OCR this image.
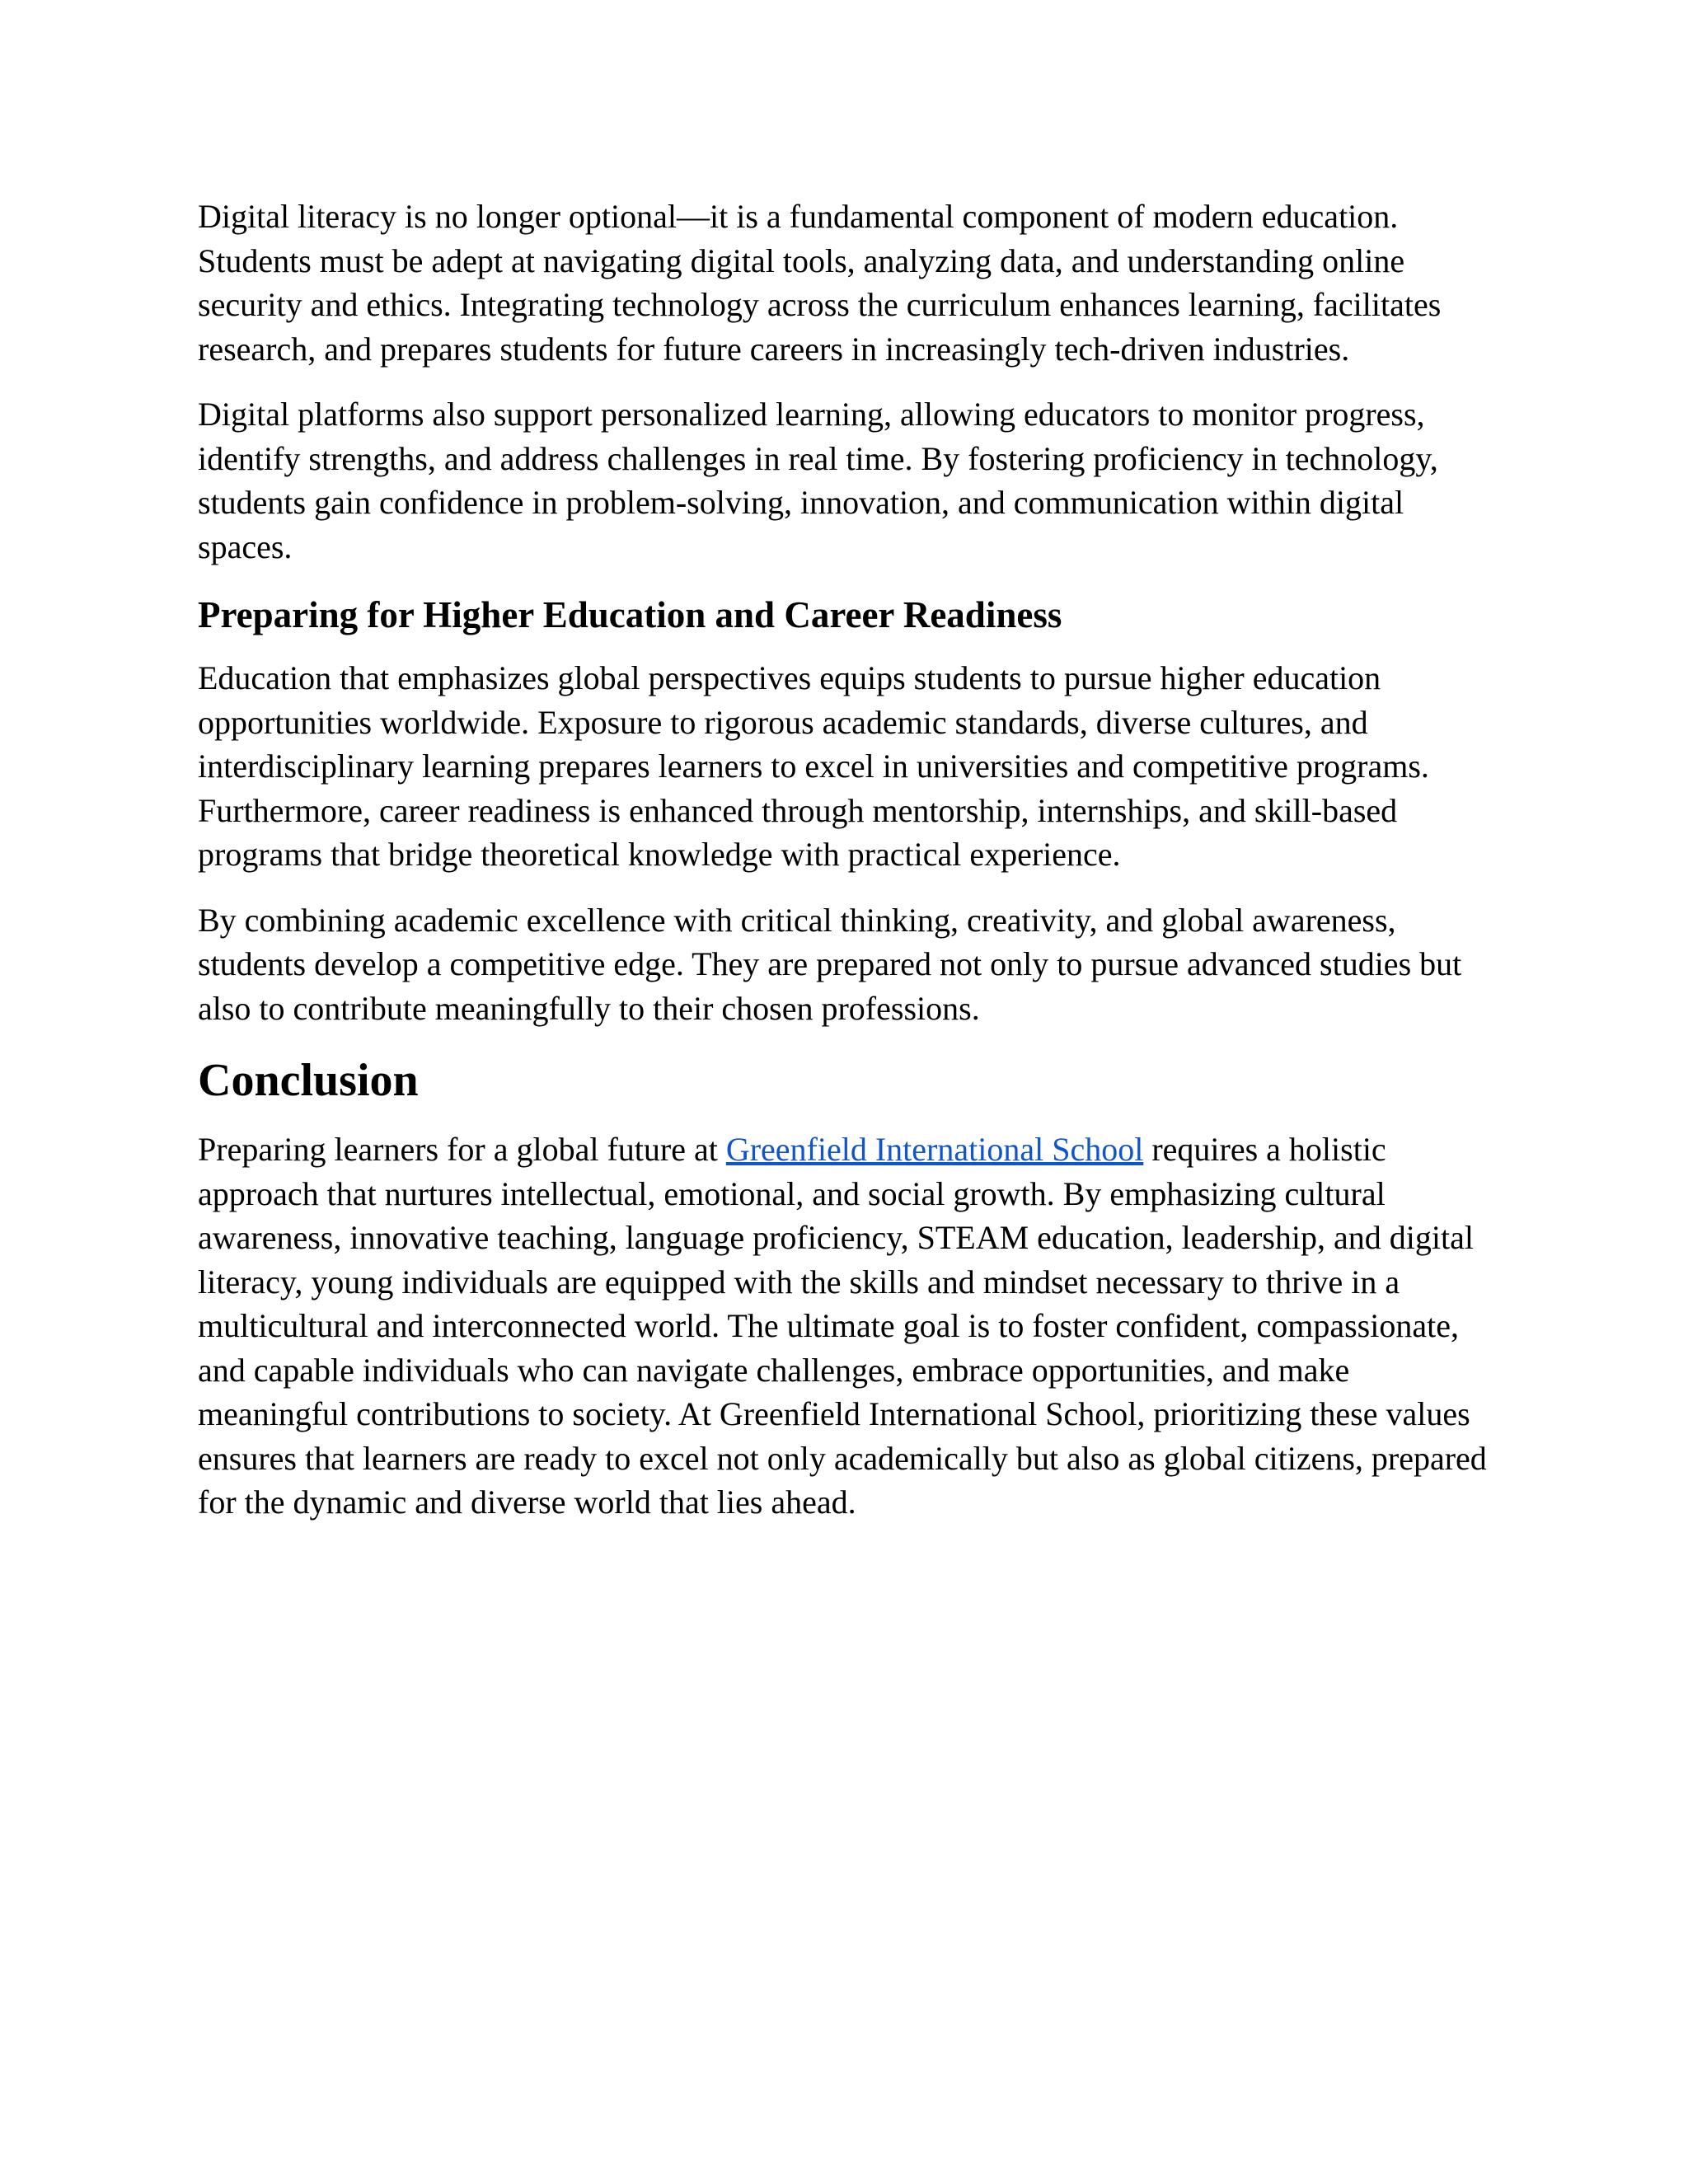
Digital literacy is no longer optional—it is a fundamental component of modern education. Students must be adept at navigating digital tools, analyzing data, and understanding online security and ethics. Integrating technology across the curriculum enhances learning, facilitates research, and prepares students for future careers in increasingly tech-driven industries.

Digital platforms also support personalized learning, allowing educators to monitor progress, identify strengths, and address challenges in real time. By fostering proficiency in technology, students gain confidence in problem-solving, innovation, and communication within digital spaces.

Preparing for Higher Education and Career Readiness

Education that emphasizes global perspectives equips students to pursue higher education opportunities worldwide. Exposure to rigorous academic standards, diverse cultures, and interdisciplinary learning prepares learners to excel in universities and competitive programs. Furthermore, career readiness is enhanced through mentorship, internships, and skill-based programs that bridge theoretical knowledge with practical experience.

By combining academic excellence with critical thinking, creativity, and global awareness, students develop a competitive edge. They are prepared not only to pursue advanced studies but also to contribute meaningfully to their chosen professions.

Conclusion

Preparing learners for a global future at Greenfield International School requires a holistic approach that nurtures intellectual, emotional, and social growth. By emphasizing cultural awareness, innovative teaching, language proficiency, STEAM education, leadership, and digital literacy, young individuals are equipped with the skills and mindset necessary to thrive in a multicultural and interconnected world. The ultimate goal is to foster confident, compassionate, and capable individuals who can navigate challenges, embrace opportunities, and make meaningful contributions to society. At Greenfield International School, prioritizing these values ensures that learners are ready to excel not only academically but also as global citizens, prepared for the dynamic and diverse world that lies ahead.
